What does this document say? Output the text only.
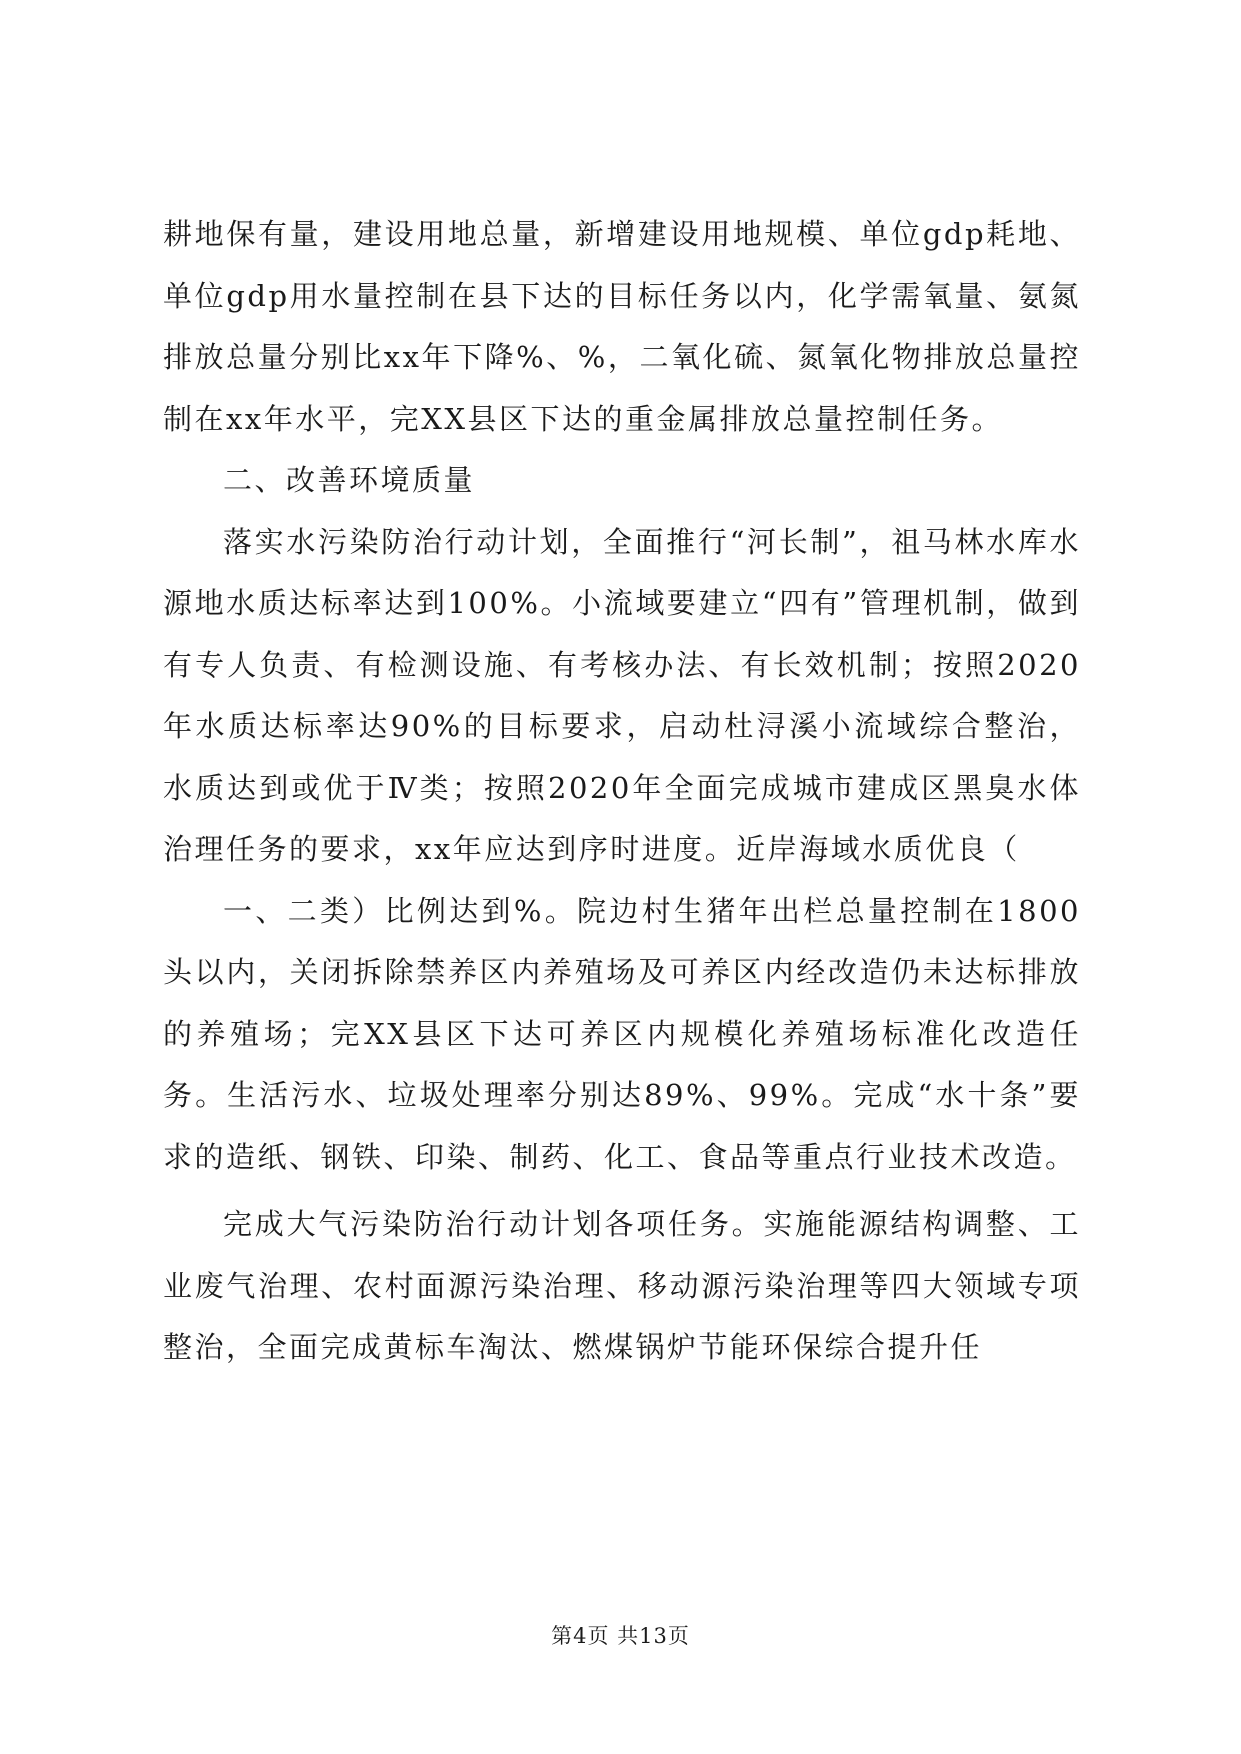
耕地保有量，建设用地总量，新增建设用地规模、单位gdp耗地、单位gdp用水量控制在县下达的目标任务以内，化学需氧量、氨氮排放总量分别比xx年下降%、%，二氧化硫、氮氧化物排放总量控制在xx年水平，完XX县区下达的重金属排放总量控制任务。

二、改善环境质量

落实水污染防治行动计划，全面推行“河长制”，祖马林水库水源地水质达标率达到100%。小流域要建立“四有”管理机制，做到有专人负责、有检测设施、有考核办法、有长效机制；按照2020年水质达标率达90%的目标要求，启动杜浔溪小流域综合整治，水质达到或优于Ⅳ类；按照2020年全面完成城市建成区黑臭水体治理任务的要求，xx年应达到序时进度。近岸海域水质优良（

一、二类）比例达到%。院边村生猪年出栏总量控制在1800头以内，关闭拆除禁养区内养殖场及可养区内经改造仍未达标排放的养殖场；完XX县区下达可养区内规模化养殖场标准化改造任务。生活污水、垃圾处理率分别达89%、99%。完成“水十条”要求的造纸、钢铁、印染、制药、化工、食品等重点行业技术改造。

完成大气污染防治行动计划各项任务。实施能源结构调整、工业废气治理、农村面源污染治理、移动源污染治理等四大领域专项整治，全面完成黄标车淘汰、燃煤锅炉节能环保综合提升任

第4页 共13页
